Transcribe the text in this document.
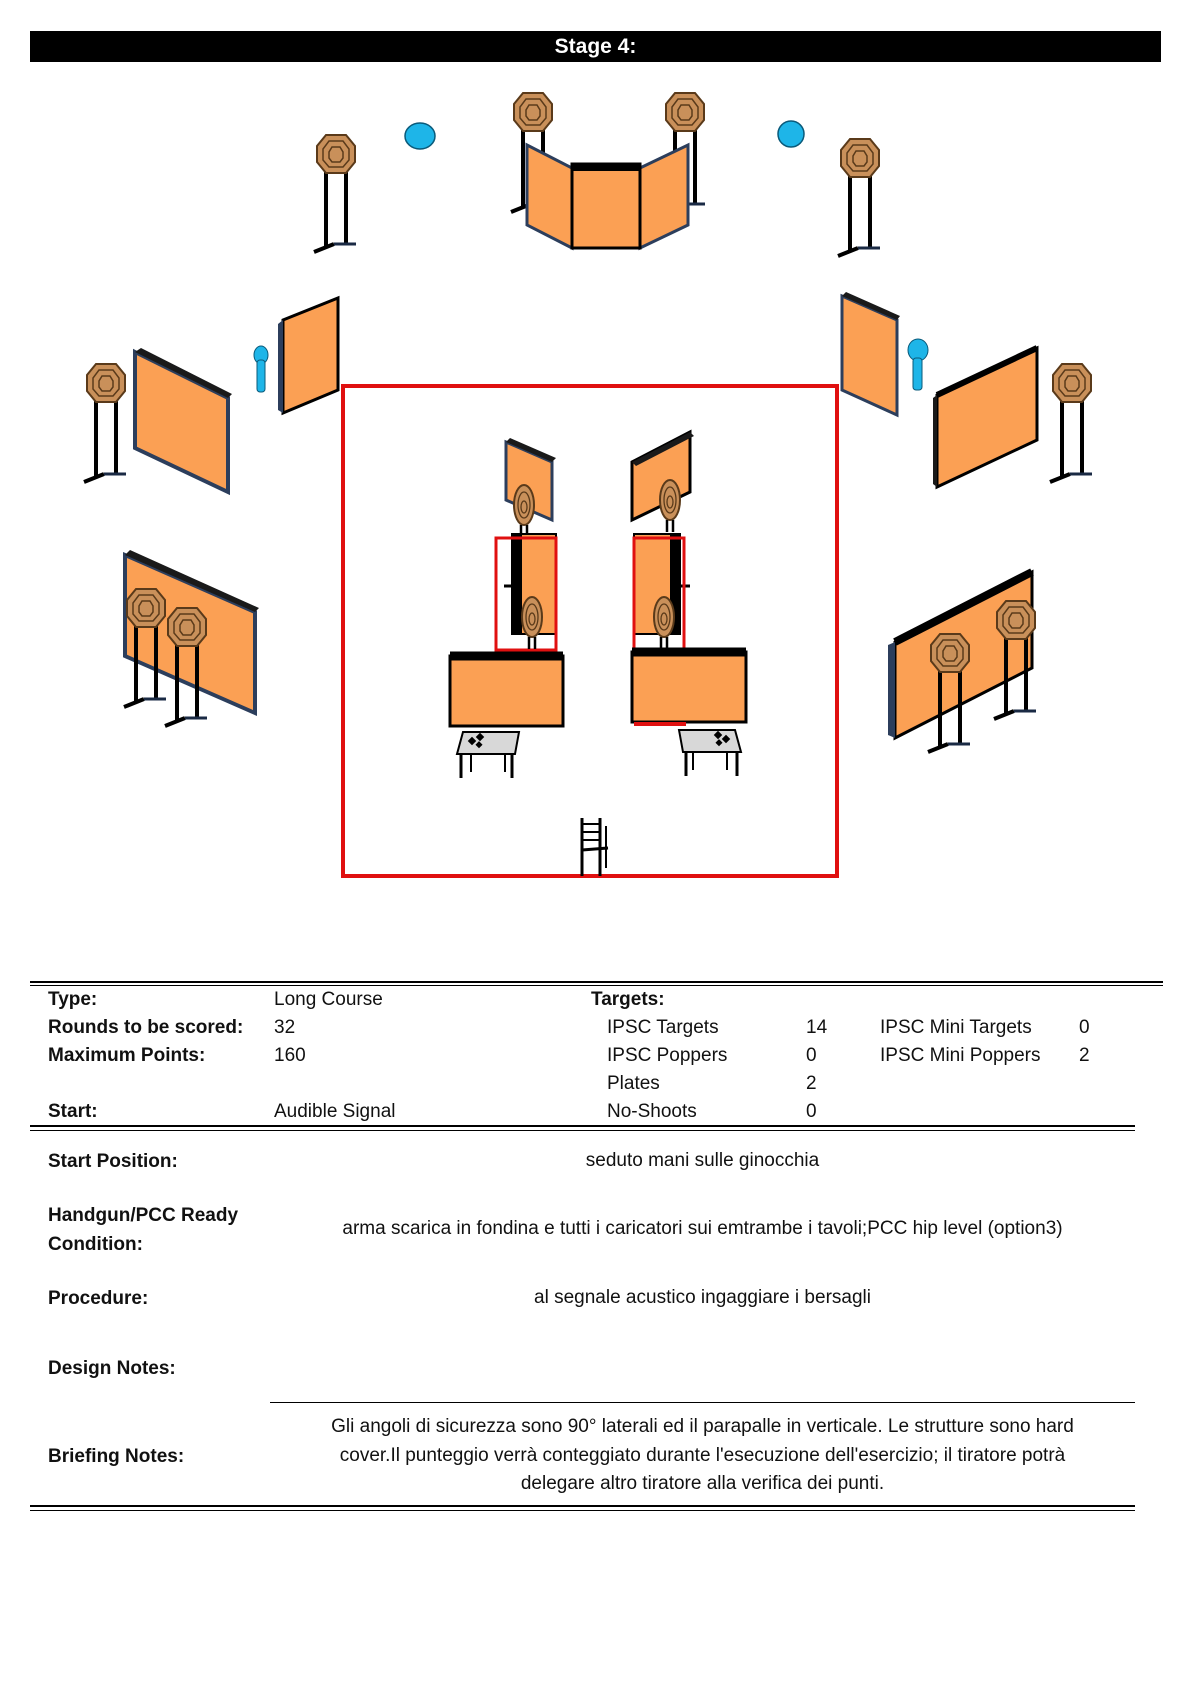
Stage 4:
Type:	Long Course	Targets:
Rounds to be scored: 32	IPSC Targets	14	IPSC Mini Targets 0
Maximum Points:	160	IPSC Poppers	0	IPSC Mini Poppers 2
Plates	2
Start:	Audible Signal	No-Shoots	0
Start Position:	seduto mani sulle ginocchia
Handgun/PCC Ready
Condition:
arma scarica in fondina e tutti i caricatori sui emtrambe i tavoli;PCC hip level (option3)
Procedure:	al segnale acustico ingaggiare i bersagli
Design Notes:
Briefing Notes:
Gli angoli di sicurezza sono 90° laterali ed il parapalle in verticale. Le strutture sono hard
cover.Il punteggio verrà conteggiato durante l'esecuzione dell'esercizio; il tiratore potrà
delegare altro tiratore alla verifica dei punti.
